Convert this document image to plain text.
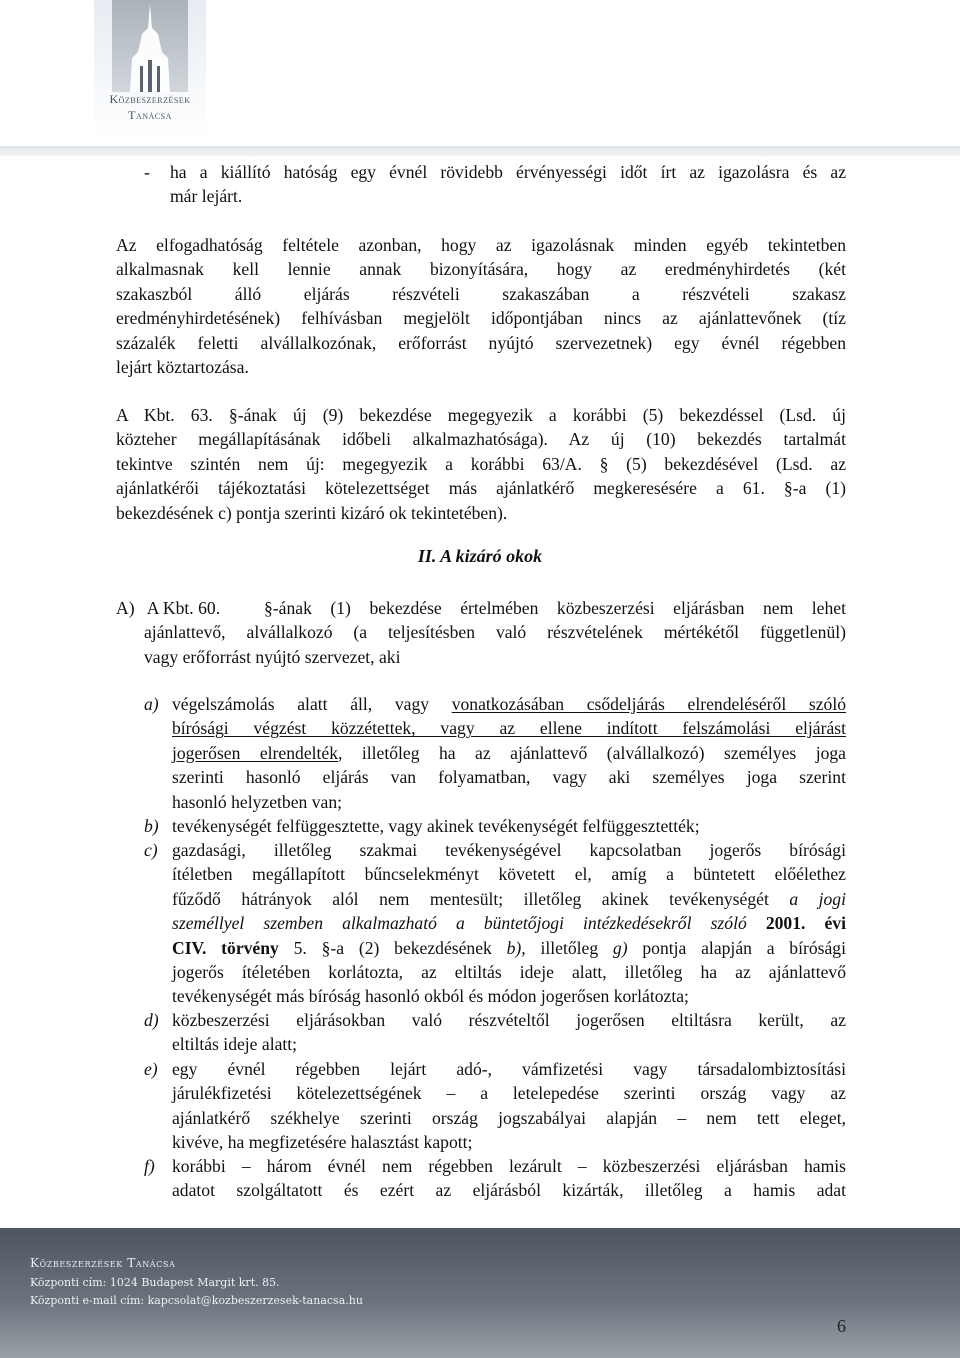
Közbeszerzések
Tanácsa
- ha a kiállító hatóság egy évnél rövidebb érvényességi időt írt az igazolásra és az
már lejárt.
Az elfogadhatóság feltétele azonban, hogy az igazolásnak minden egyéb tekintetben
alkalmasnak kell lennie annak bizonyítására, hogy az eredményhirdetés (két
szakaszból álló eljárás részvételi szakaszában a részvételi szakasz
eredményhirdetésének) felhívásban megjelölt időpontjában nincs az ajánlattevőnek (tíz
százalék feletti alvállalkozónak, erőforrást nyújtó szervezetnek) egy évnél régebben
lejárt köztartozása.
A Kbt. 63. §-ának új (9) bekezdése megegyezik a korábbi (5) bekezdéssel (Lsd. új
közteher megállapításának időbeli alkalmazhatósága). Az új (10) bekezdés tartalmát
tekintve szintén nem új: megegyezik a korábbi 63/A. § (5) bekezdésével (Lsd. az
ajánlatkérői tájékoztatási kötelezettséget más ajánlatkérő megkeresésére a 61. §-a (1)
bekezdésének c) pontja szerinti kizáró ok tekintetében).
II. A kizáró okok
A)   A Kbt. 60. §-ának (1) bekezdése értelmében közbeszerzési eljárásban nem lehet
ajánlattevő, alvállalkozó (a teljesítésben való részvételének mértékétől függetlenül)
vagy erőforrást nyújtó szervezet, aki
a) végelszámolás alatt áll, vagy vonatkozásában csődeljárás elrendeléséről szóló
bírósági végzést közzétettek, vagy az ellene indított felszámolási eljárást
jogerősen elrendelték, illetőleg ha az ajánlattevő (alvállalkozó) személyes joga
szerinti hasonló eljárás van folyamatban, vagy aki személyes joga szerint
hasonló helyzetben van;
b) tevékenységét felfüggesztette, vagy akinek tevékenységét felfüggesztették;
c) gazdasági, illetőleg szakmai tevékenységével kapcsolatban jogerős bírósági
ítéletben megállapított bűncselekményt követett el, amíg a büntetett előélethez
fűződő hátrányok alól nem mentesült; illetőleg akinek tevékenységét a jogi
személlyel szemben alkalmazható a büntetőjogi intézkedésekről szóló 2001. évi
CIV. törvény 5. §-a (2) bekezdésének b), illetőleg g) pontja alapján a bírósági
jogerős ítéletében korlátozta, az eltiltás ideje alatt, illetőleg ha az ajánlattevő
tevékenységét más bíróság hasonló okból és módon jogerősen korlátozta;
d) közbeszerzési eljárásokban való részvételtől jogerősen eltiltásra került, az
eltiltás ideje alatt;
e) egy évnél régebben lejárt adó-, vámfizetési vagy társadalombiztosítási
járulékfizetési kötelezettségének – a letelepedése szerinti ország vagy az
ajánlatkérő székhelye szerinti ország jogszabályai alapján – nem tett eleget,
kivéve, ha megfizetésére halasztást kapott;
f) korábbi – három évnél nem régebben lezárult – közbeszerzési eljárásban hamis
adatot szolgáltatott és ezért az eljárásból kizárták, illetőleg a hamis adat
Közbeszerzések Tanácsa
Központi cím: 1024 Budapest Margit krt. 85.
Központi e-mail cím: kapcsolat@kozbeszerzesek-tanacsa.hu
6
